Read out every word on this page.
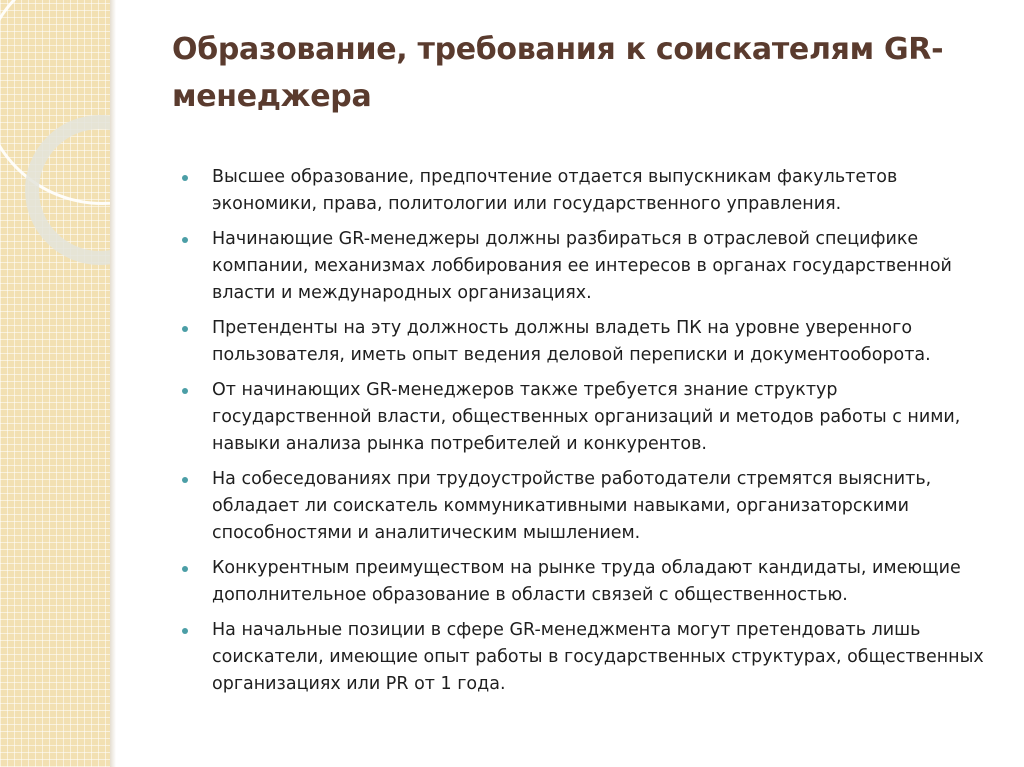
Образование, требования к соискателям GR-менеджера
Высшее образование, предпочтение отдается выпускникам факультетов экономики, права, политологии или государственного управления.
Начинающие GR-менеджеры должны разбираться в отраслевой специфике компании, механизмах лоббирования ее интересов в органах государственной власти и международных организациях.
Претенденты на эту должность должны владеть ПК на уровне уверенного пользователя, иметь опыт ведения деловой переписки и документооборота.
От начинающих GR-менеджеров также требуется знание структур государственной власти, общественных организаций и методов работы с ними, навыки анализа рынка потребителей и конкурентов.
На собеседованиях при трудоустройстве работодатели стремятся выяснить, обладает ли соискатель коммуникативными навыками, организаторскими способностями и аналитическим мышлением.
Конкурентным преимуществом на рынке труда обладают кандидаты, имеющие дополнительное образование в области связей с общественностью.
На начальные позиции в сфере GR-менеджмента могут претендовать лишь соискатели, имеющие опыт работы в государственных структурах, общественных организациях или PR от 1 года.
